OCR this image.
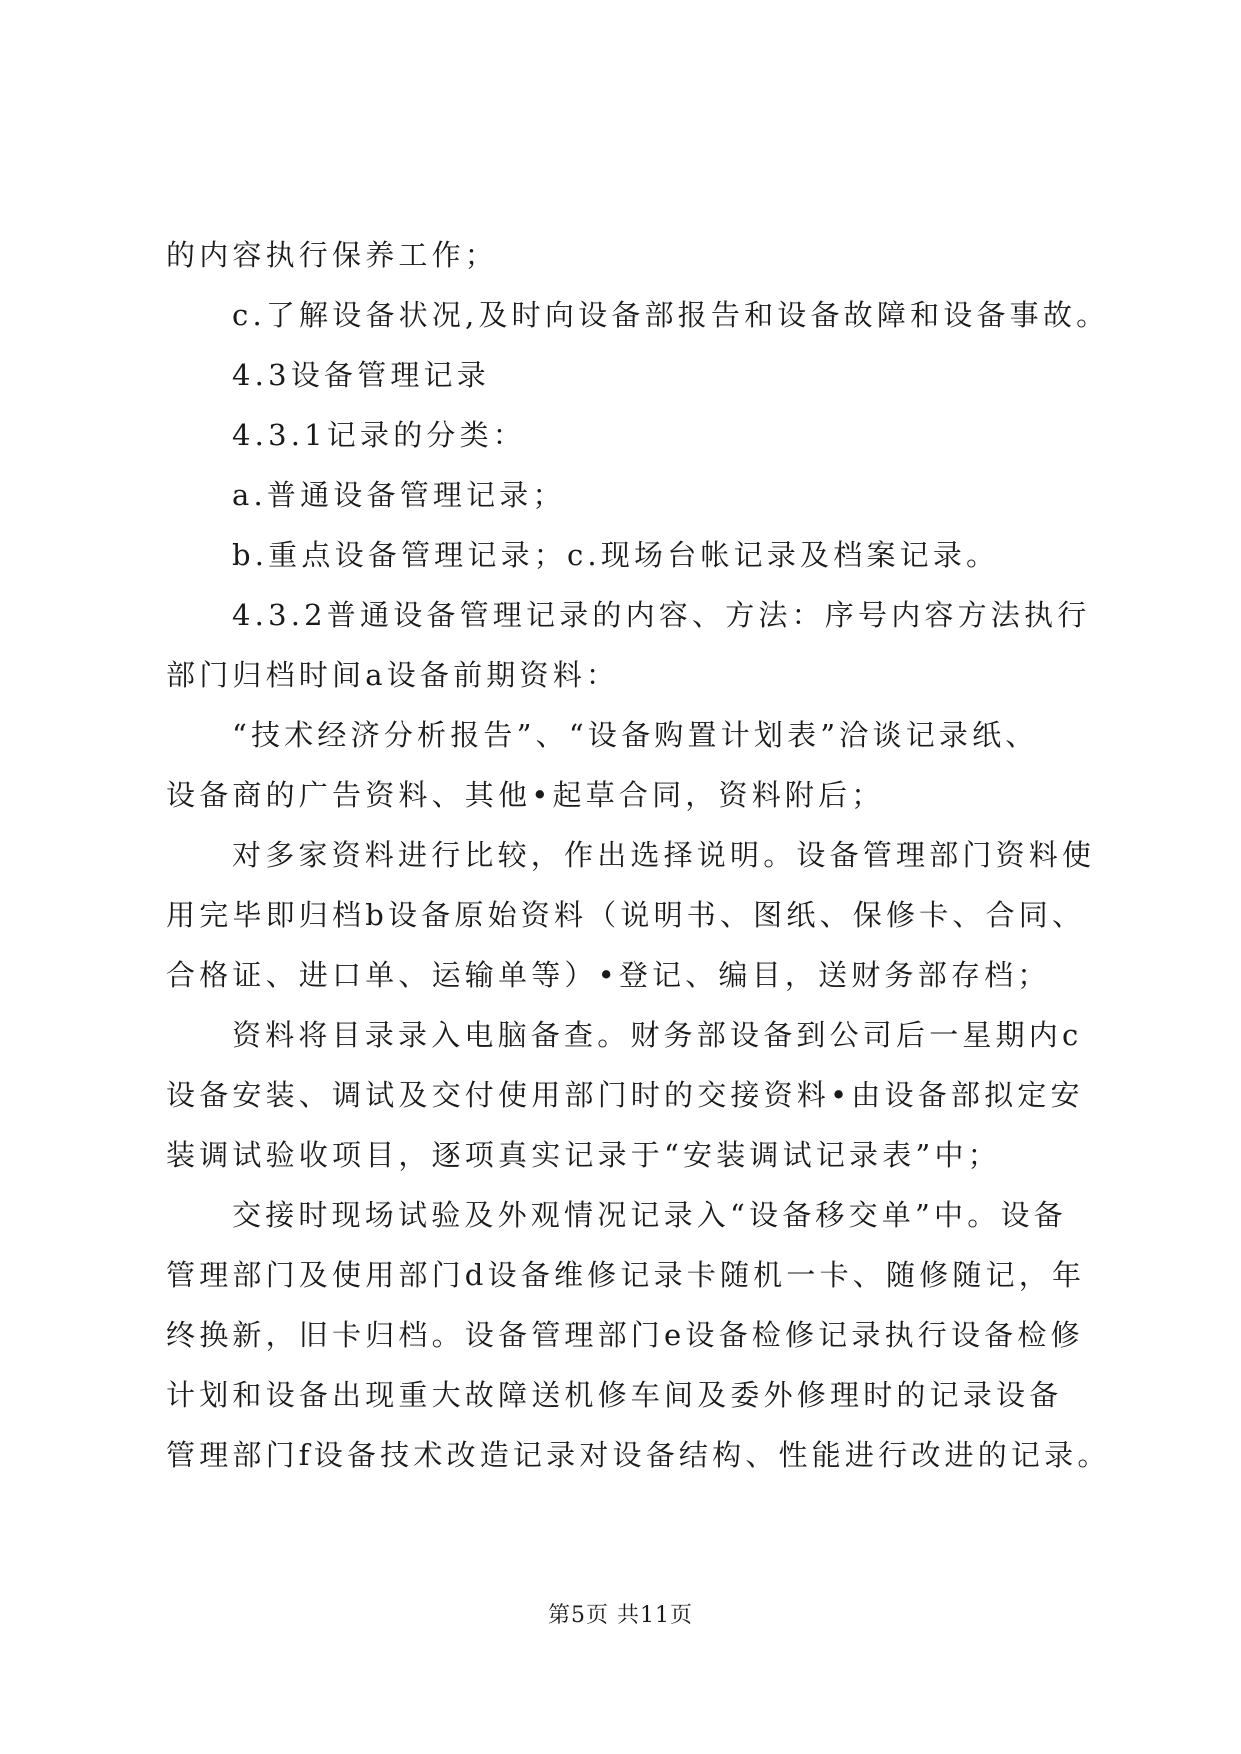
的内容执行保养工作；
c.了解设备状况,及时向设备部报告和设备故障和设备事故。
4.3设备管理记录
4.3.1记录的分类：
a.普通设备管理记录；
b.重点设备管理记录；c.现场台帐记录及档案记录。
4.3.2普通设备管理记录的内容、方法：序号内容方法执行
部门归档时间a设备前期资料：
“技术经济分析报告”、“设备购置计划表”洽谈记录纸、
设备商的广告资料、其他•起草合同，资料附后；
对多家资料进行比较，作出选择说明。设备管理部门资料使
用完毕即归档b设备原始资料（说明书、图纸、保修卡、合同、
合格证、进口单、运输单等）•登记、编目，送财务部存档；
资料将目录录入电脑备查。财务部设备到公司后一星期内c
设备安装、调试及交付使用部门时的交接资料•由设备部拟定安
装调试验收项目，逐项真实记录于“安装调试记录表”中；
交接时现场试验及外观情况记录入“设备移交单”中。设备
管理部门及使用部门d设备维修记录卡随机一卡、随修随记，年
终换新，旧卡归档。设备管理部门e设备检修记录执行设备检修
计划和设备出现重大故障送机修车间及委外修理时的记录设备
管理部门f设备技术改造记录对设备结构、性能进行改进的记录。
第5页 共11页
